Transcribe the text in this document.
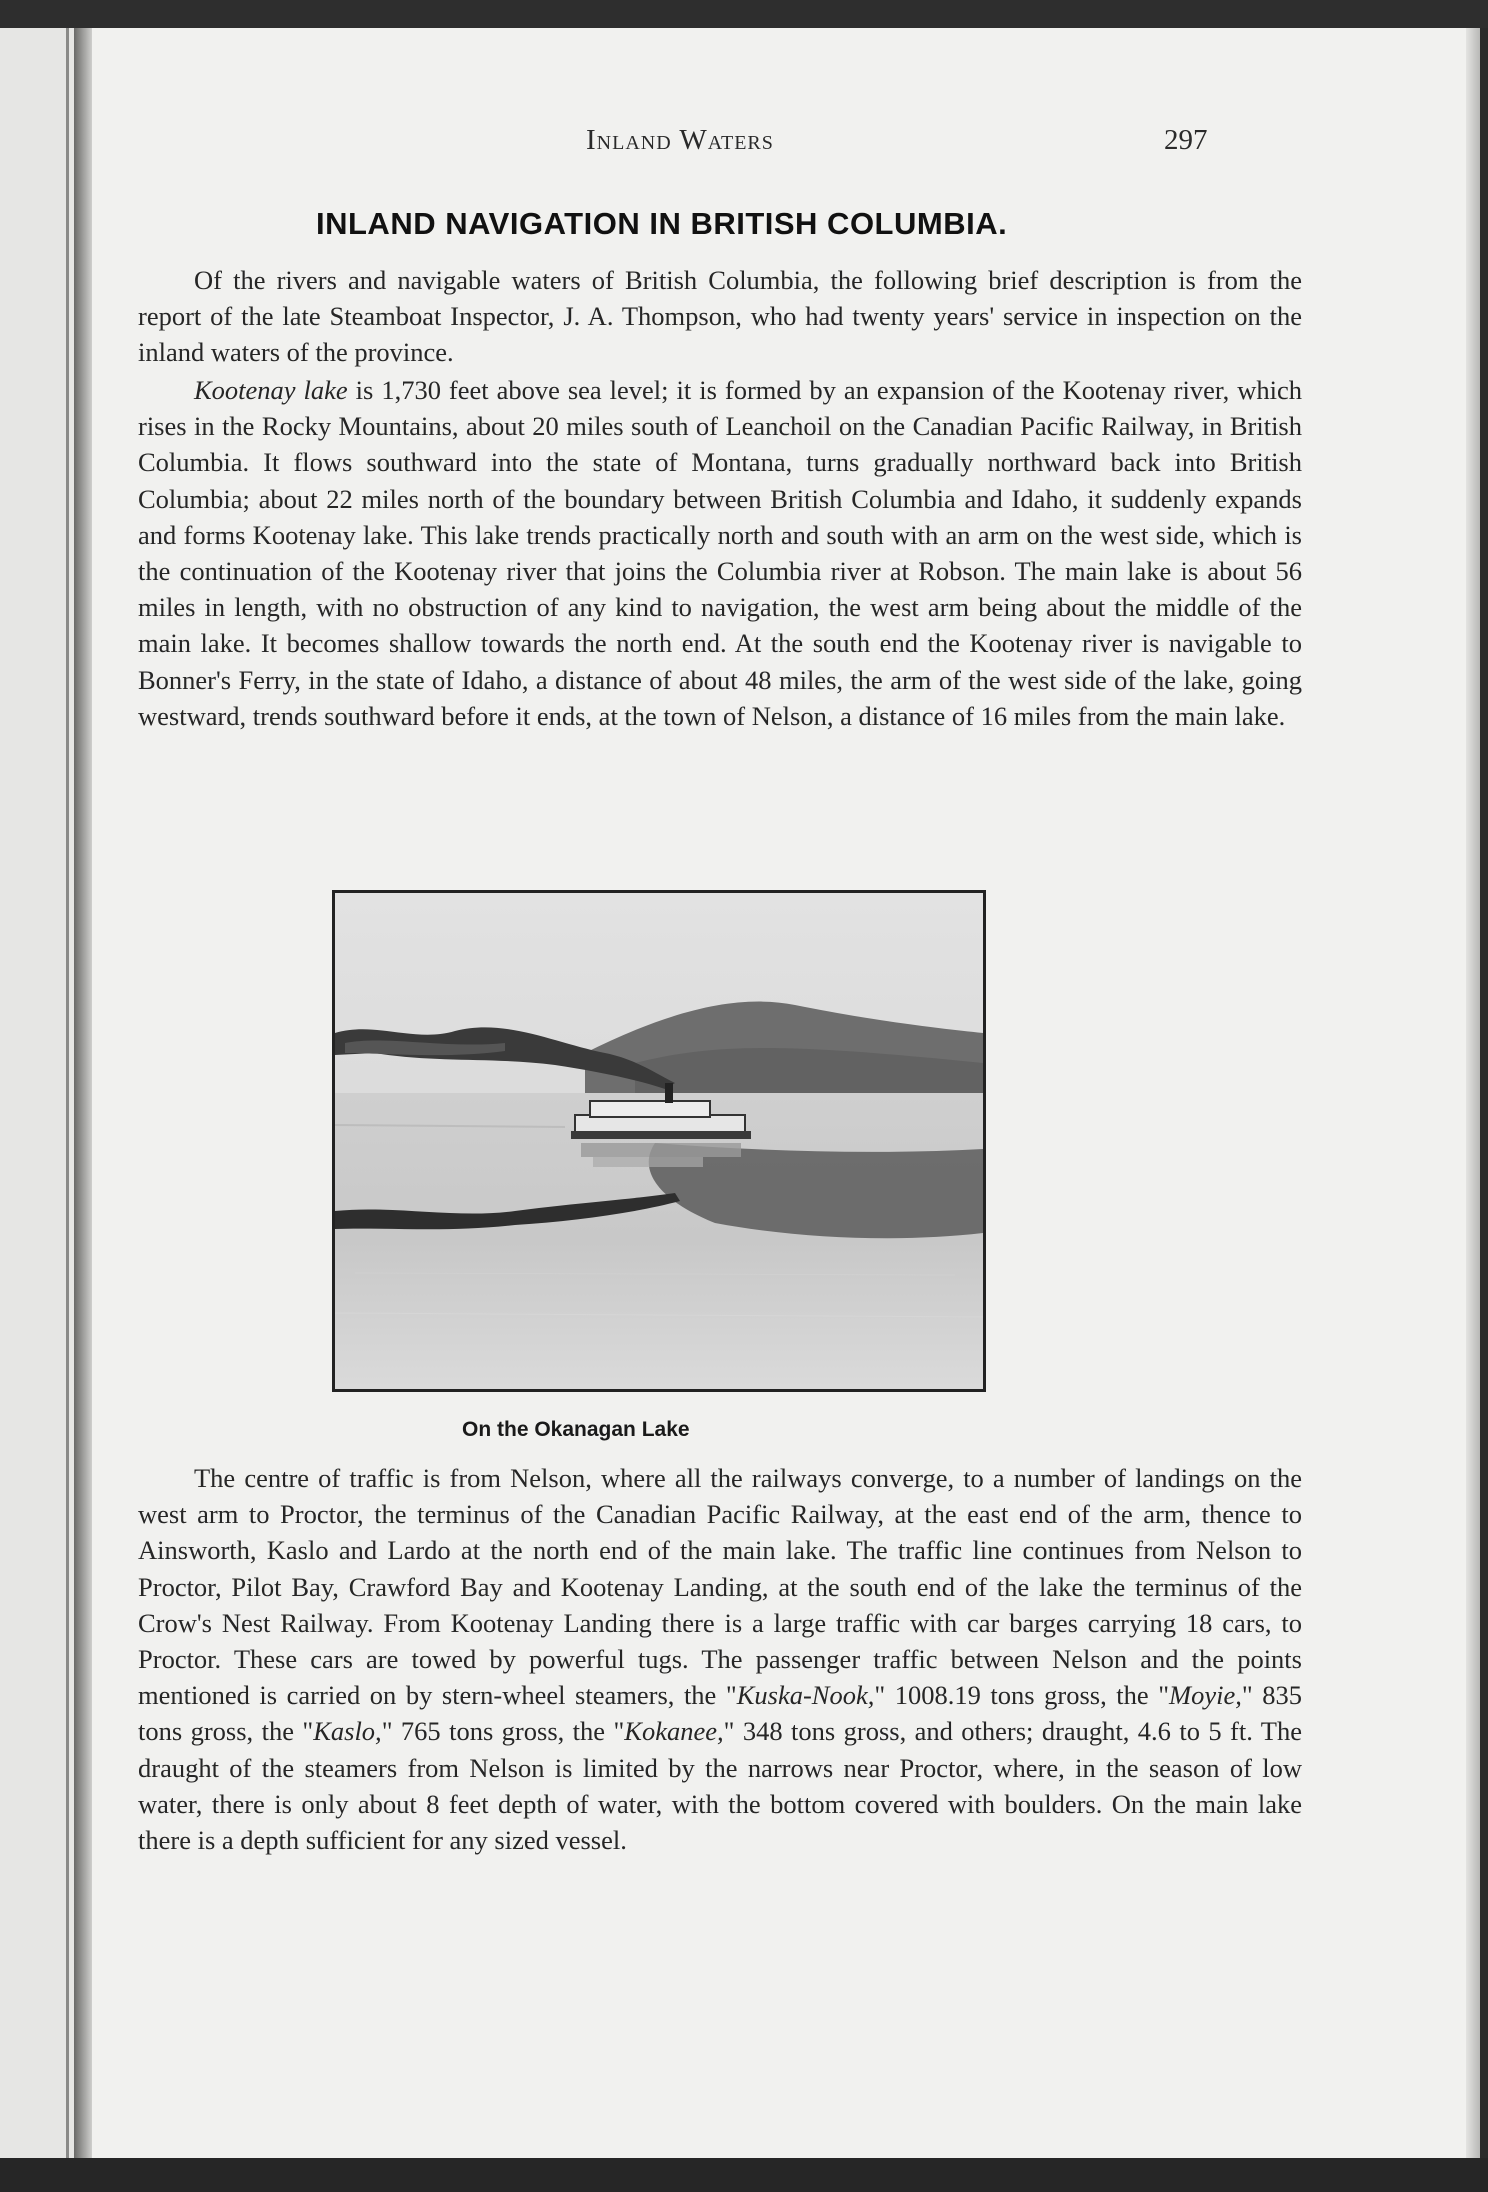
Inland Waters	297
INLAND NAVIGATION IN BRITISH COLUMBIA.

Of the rivers and navigable waters of British Columbia, the following brief description is from the report of the late Steamboat Inspector, J. A. Thompson, who had twenty years' service in inspection on the inland waters of the province.

Kootenay lake is 1,730 feet above sea level; it is formed by an expansion of the Kootenay river, which rises in the Rocky Mountains, about 20 miles south of Leanchoil on the Canadian Pacific Railway, in British Columbia. It flows southward into the state of Montana, turns gradually northward back into British Columbia; about 22 miles north of the boundary between British Columbia and Idaho, it suddenly expands and forms Kootenay lake. This lake trends practically north and south with an arm on the west side, which is the continuation of the Kootenay river that joins the Columbia river at Robson. The main lake is about 56 miles in length, with no obstruction of any kind to navigation, the west arm being about the middle of the main lake. It becomes shallow towards the north end. At the south end the Kootenay river is navigable to Bonner's Ferry, in the state of Idaho, a distance of about 48 miles, the arm of the west side of the lake, going westward, trends southward before it ends, at the town of Nelson, a distance of 16 miles from the main lake.

On the Okanagan Lake

The centre of traffic is from Nelson, where all the railways converge, to a number of landings on the west arm to Proctor, the terminus of the Canadian Pacific Railway, at the east end of the arm, thence to Ainsworth, Kaslo and Lardo at the north end of the main lake. The traffic line continues from Nelson to Proctor, Pilot Bay, Crawford Bay and Kootenay Landing, at the south end of the lake the terminus of the Crow's Nest Railway. From Kootenay Landing there is a large traffic with car barges carrying 18 cars, to Proctor. These cars are towed by powerful tugs. The passenger traffic between Nelson and the points mentioned is carried on by stern-wheel steamers, the "Kuska-Nook," 1008.19 tons gross, the "Moyie," 835 tons gross, the "Kaslo," 765 tons gross, the "Kokanee," 348 tons gross, and others; draught, 4.6 to 5 ft. The draught of the steamers from Nelson is limited by the narrows near Proctor, where, in the season of low water, there is only about 8 feet depth of water, with the bottom covered with boulders. On the main lake there is a depth sufficient for any sized vessel.
